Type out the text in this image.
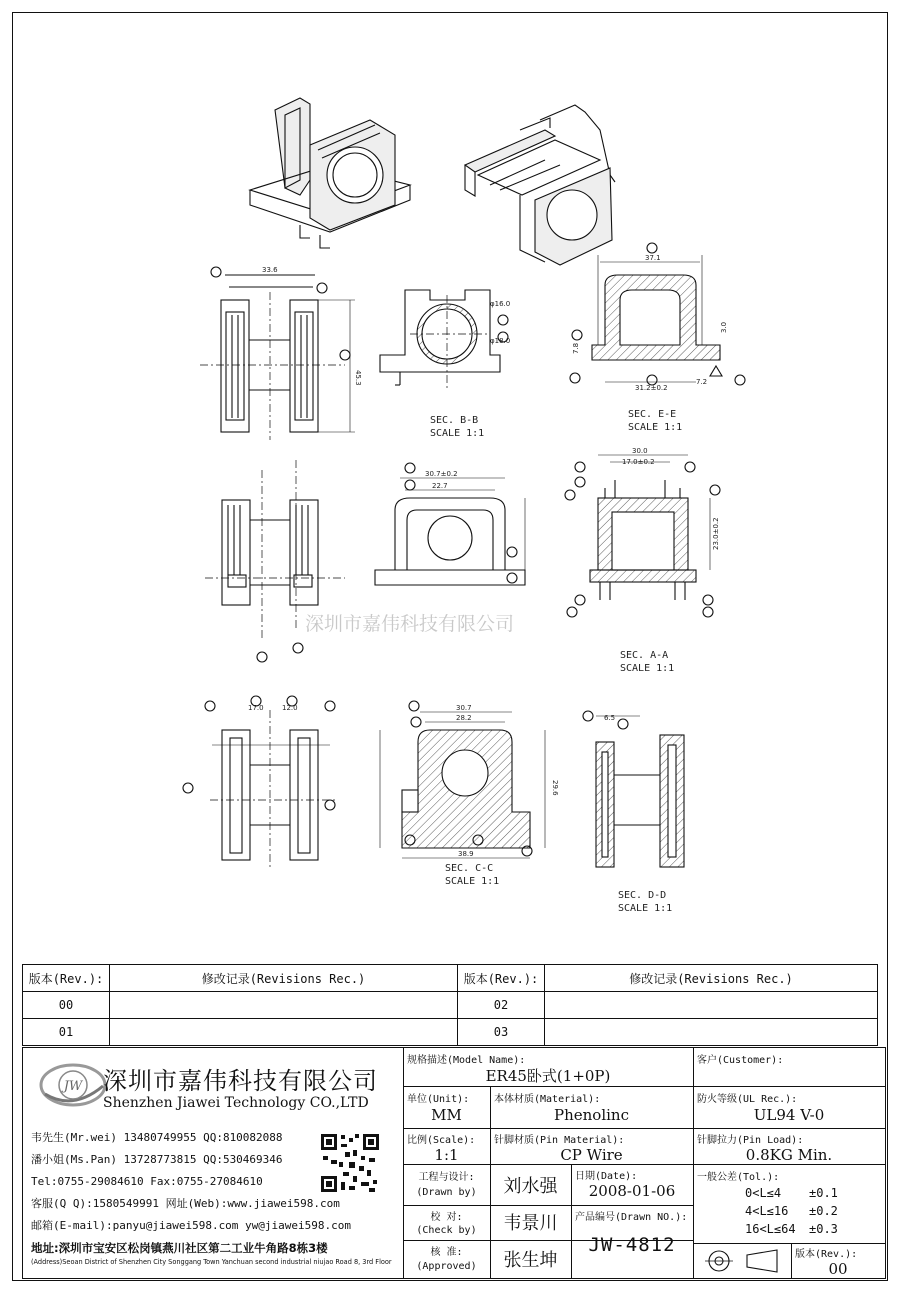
SEC. B-B
SCALE 1:1
SEC. E-E
SCALE 1:1
SEC. A-A
SCALE 1:1
SEC. C-C
SCALE 1:1
SEC. D-D
SCALE 1:1
33.6
45.3
37.1
31.2±0.2
7.8
7.2
3.0
φ16.0
φ18.0
30.7±0.2
22.7
30.0
17.0±0.2
23.0±0.2
30.7
28.2
38.9
29.6
6.5
17.0	12.0
深圳市嘉伟科技有限公司
版本(Rev.):	修改记录(Revisions Rec.)	版本(Rev.):	修改记录(Revisions Rec.)
00		02	
01		03	
JW 深圳市嘉伟科技有限公司
Shenzhen Jiawei Technology CO.,LTD
韦先生(Mr.wei) 13480749955 QQ:810082088
潘小姐(Ms.Pan) 13728773815 QQ:530469346
Tel:0755-29084610 Fax:0755-27084610
客服(Q Q):1580549991 网址(Web):www.jiawei598.com
邮箱(E-mail):panyu@jiawei598.com yw@jiawei598.com
地址:深圳市宝安区松岗镇燕川社区第二工业牛角路8栋3楼
(Address)Seoan District of Shenzhen City Songgang Town Yanchuan second industrial niujao Road 8, 3rd Floor
规格描述(Model Name):
ER45卧式(1+0P)
客户(Customer):
单位(Unit):
MM
本体材质(Material):
Phenolinc
防火等级(UL Rec.):
UL94 V-0
比例(Scale):
1:1
针脚材质(Pin Material):
CP Wire
针脚拉力(Pin Load):
0.8KG Min.
工程与设计:
(Drawn by)	刘水强	日期(Date):
2008-01-06
校 对:
(Check by)	韦景川	产品编号(Drawn NO.):
JW-4812
核 准:
(Approved)	张生坤
一般公差(Tol.):
0<L≤4 ±0.1
4<L≤16 ±0.2
16<L≤64 ±0.3
版本(Rev.):
00
